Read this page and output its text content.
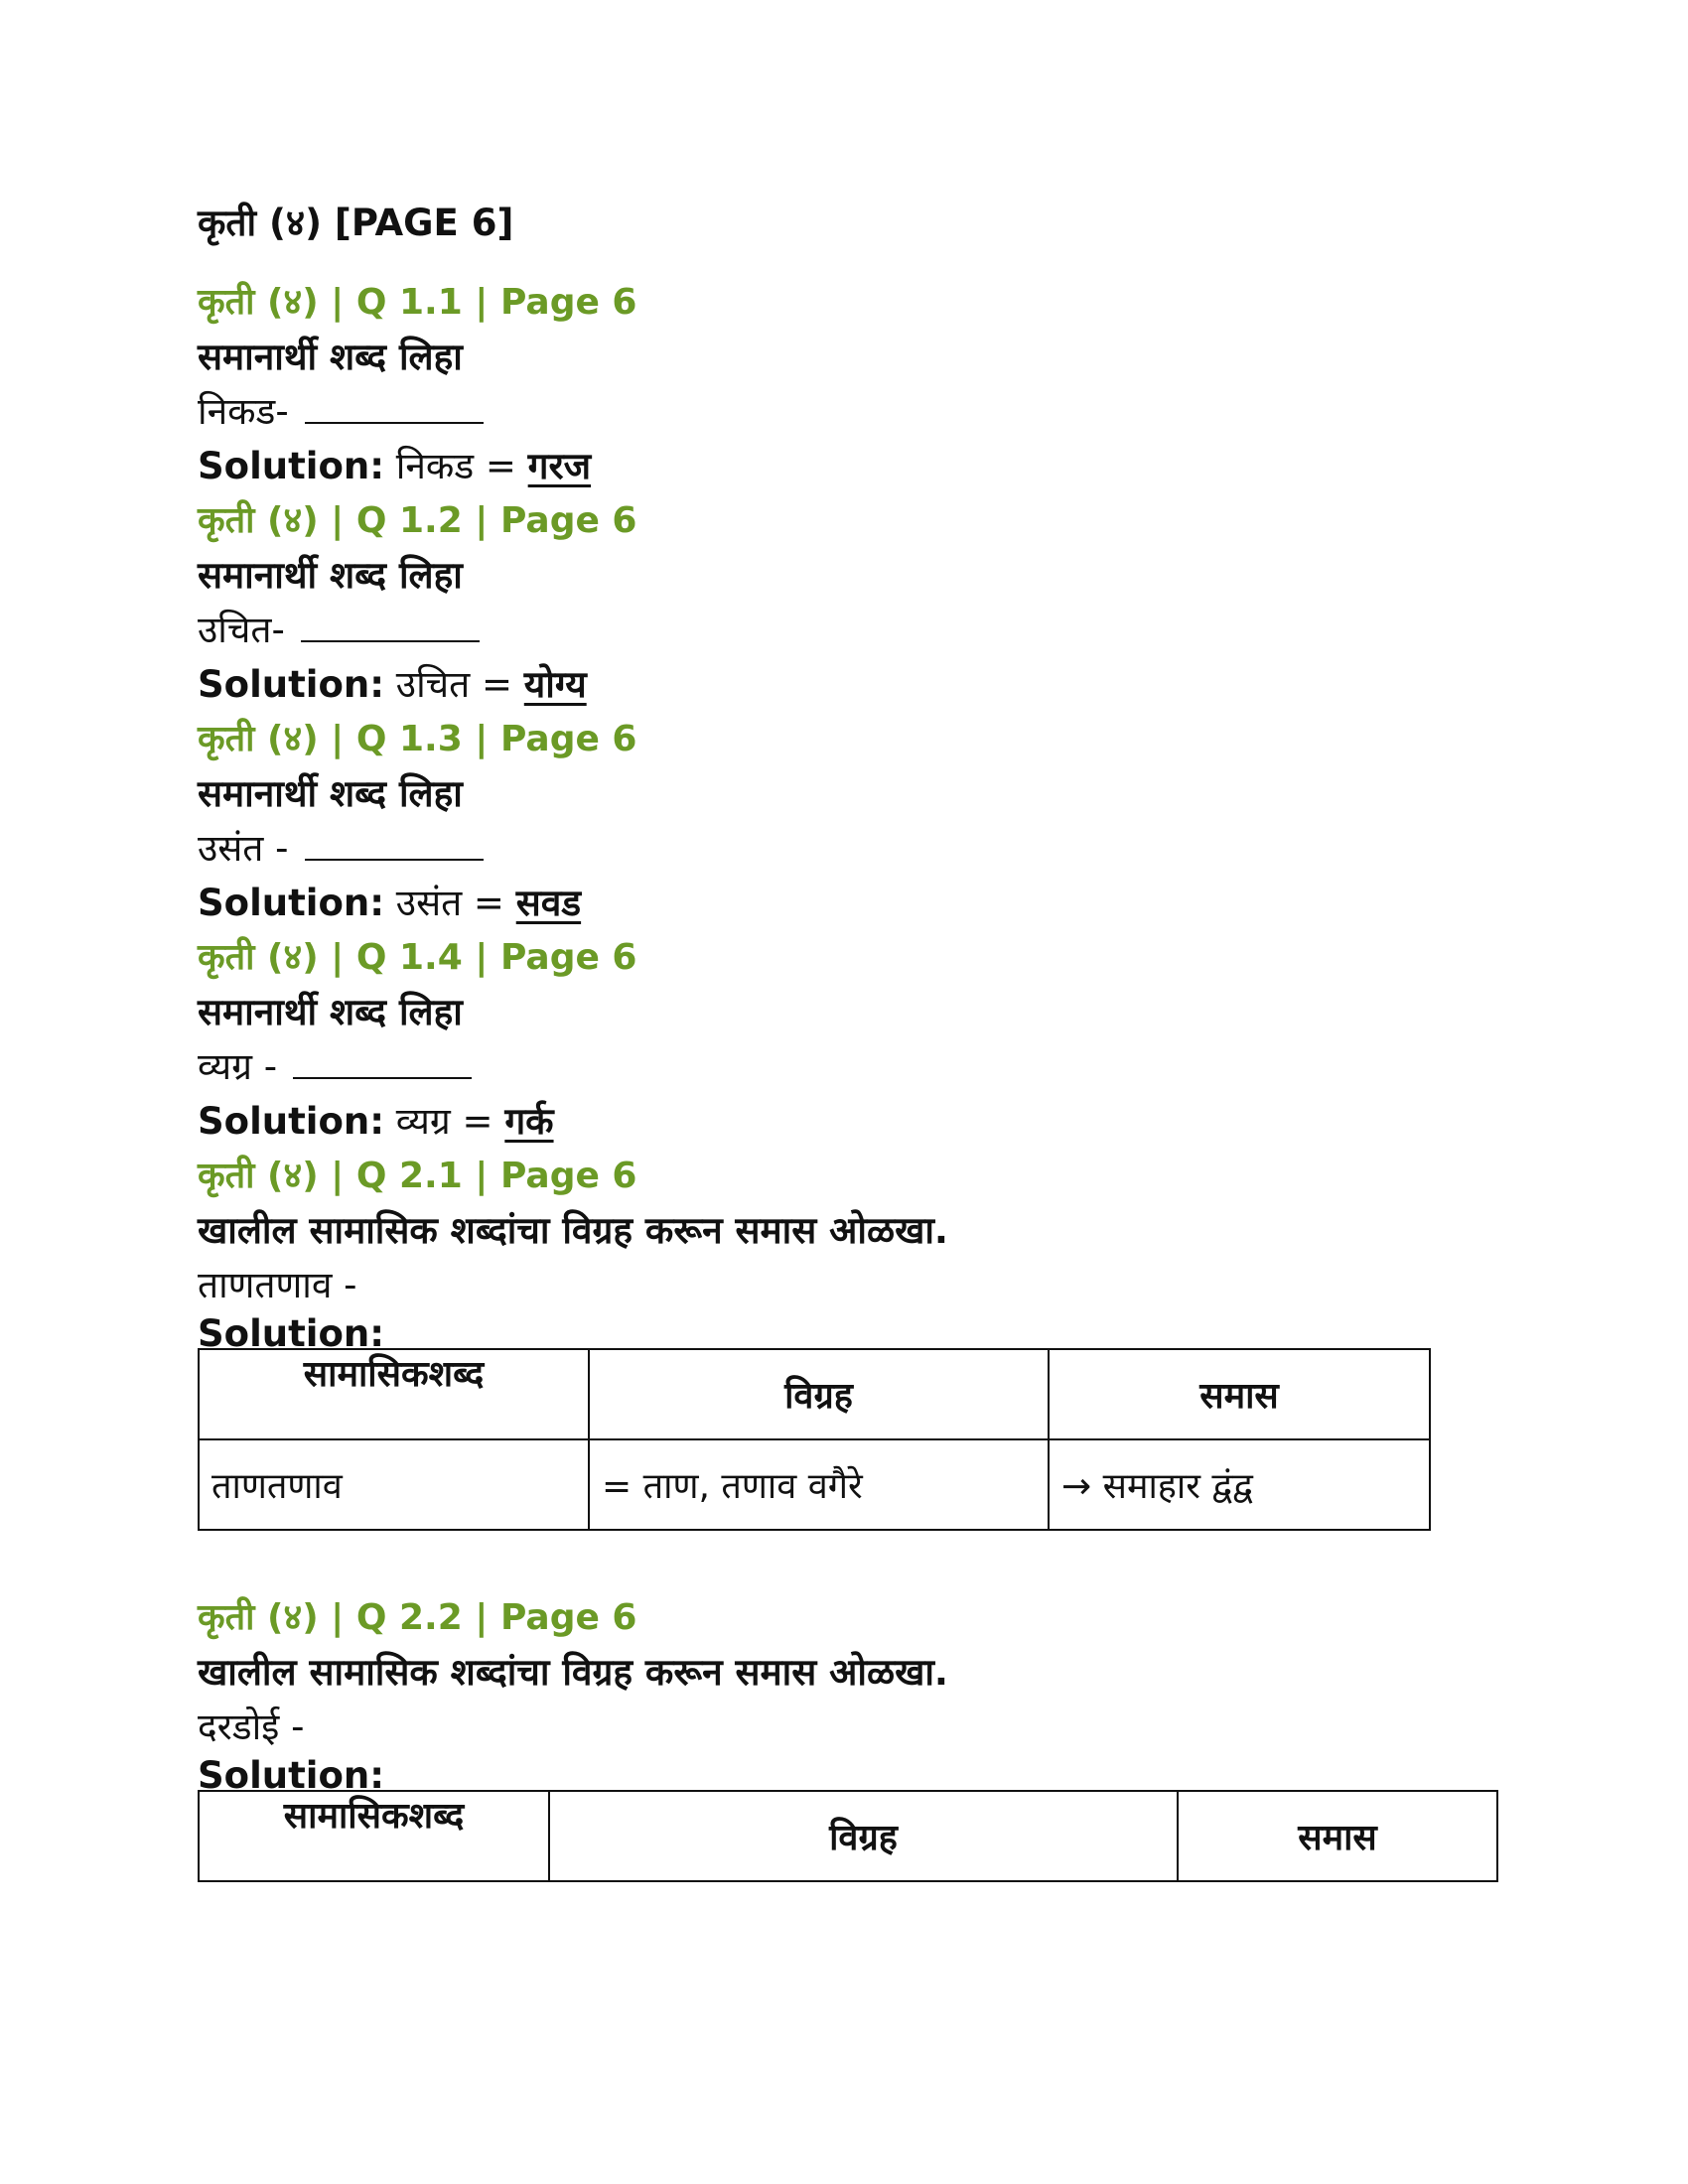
कृती (४) [PAGE 6]
कृती (४) | Q 1.1 | Page 6
समानार्थी शब्द लिहा
निकड-
Solution: निकड = गरज
कृती (४) | Q 1.2 | Page 6
समानार्थी शब्द लिहा
उचित-
Solution: उचित = योग्य
कृती (४) | Q 1.3 | Page 6
समानार्थी शब्द लिहा
उसंत -
Solution: उसंत = सवड
कृती (४) | Q 1.4 | Page 6
समानार्थी शब्द लिहा
व्यग्र -
Solution: व्यग्र = गर्क
कृती (४) | Q 2.1 | Page 6
खालील सामासिक शब्दांचा विग्रह करून समास ओळखा.
ताणतणाव -
Solution:
सामासिकशब्द	विग्रह	समास
ताणतणाव	= ताण, तणाव वगैरे	→ समाहार द्वंद्व
कृती (४) | Q 2.2 | Page 6
खालील सामासिक शब्दांचा विग्रह करून समास ओळखा.
दरडोई -
Solution:
सामासिकशब्द	विग्रह	समास
